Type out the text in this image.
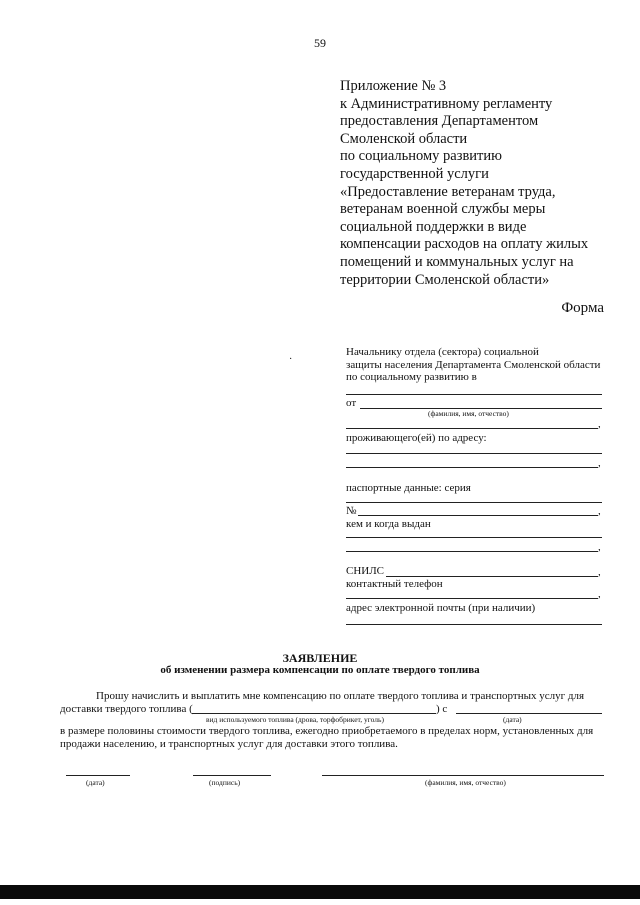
59
Приложение № 3
к Административному регламенту
предоставления Департаментом
Смоленской области
по социальному развитию
государственной услуги
«Предоставление ветеранам труда,
ветеранам военной службы меры
социальной поддержки в виде
компенсации расходов на оплату жилых
помещений и коммунальных услуг на
территории Смоленской области»
Форма
·
Начальнику отдела (сектора) социальной
защиты населения Департамента Смоленской области
по социальному развитию в
от
(фамилия, имя, отчество)
,
проживающего(ей) по адресу:
,
паспортные данные: серия
№	,
кем и когда выдан
,
СНИЛС	,
контактный телефон
,
адрес электронной почты (при наличии)
ЗАЯВЛЕНИЕ
об изменении размера компенсации по оплате твердого топлива
Прошу начислить и выплатить мне компенсацию по оплате твердого топлива и транспортных услуг для
доставки твердого топлива (	) с
вид используемого топлива (дрова, торфобрикет, уголь)	(дата)
в размере половины стоимости твердого топлива, ежегодно приобретаемого в пределах норм, установленных для
продажи населению, и транспортных услуг для доставки этого топлива.
(дата)	(подпись)	(фамилия, имя, отчество)
